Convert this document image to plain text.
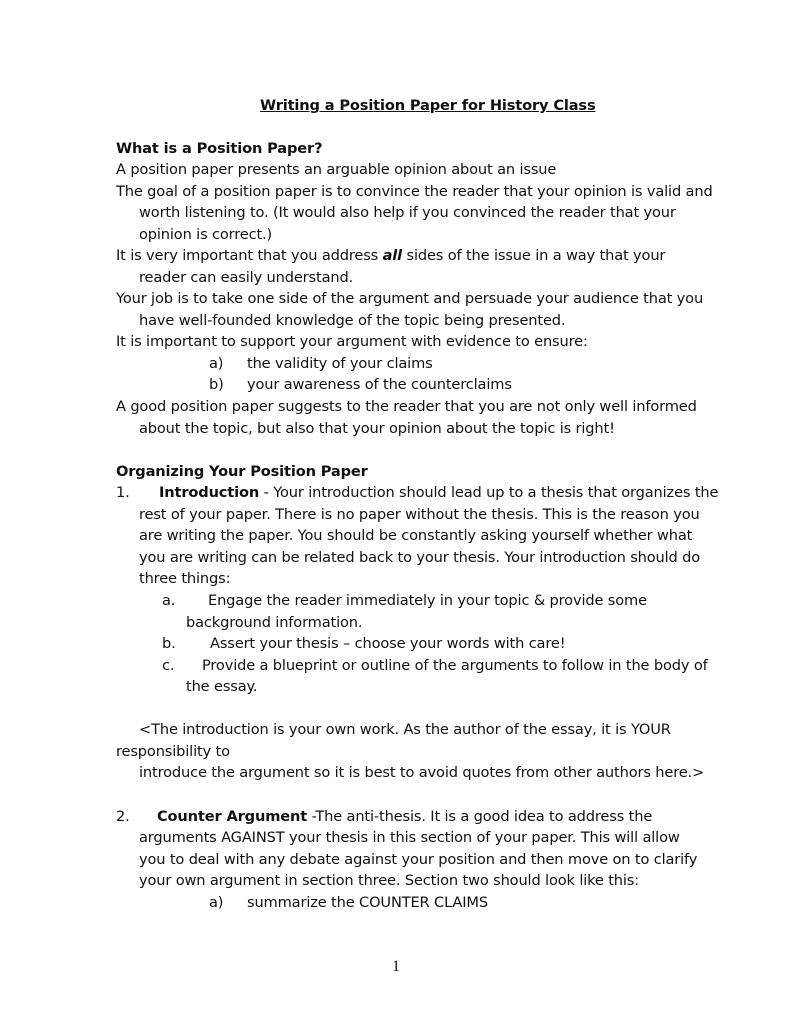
Writing a Position Paper for History Class
What is a Position Paper?
A position paper presents an arguable opinion about an issue
The goal of a position paper is to convince the reader that your opinion is valid and
worth listening to. (It would also help if you convinced the reader that your
opinion is correct.)
It is very important that you address all sides of the issue in a way that your
reader can easily understand.
Your job is to take one side of the argument and persuade your audience that you
have well-founded knowledge of the topic being presented.
It is important to support your argument with evidence to ensure:
a) the validity of your claims
b) your awareness of the counterclaims
A good position paper suggests to the reader that you are not only well informed
about the topic, but also that your opinion about the topic is right!
Organizing Your Position Paper
1. Introduction - Your introduction should lead up to a thesis that organizes the
rest of your paper. There is no paper without the thesis. This is the reason you
are writing the paper. You should be constantly asking yourself whether what
you are writing can be related back to your thesis. Your introduction should do
three things:
a. Engage the reader immediately in your topic & provide some
background information.
b. Assert your thesis – choose your words with care!
c. Provide a blueprint or outline of the arguments to follow in the body of
the essay.
<The introduction is your own work. As the author of the essay, it is YOUR
responsibility to
introduce the argument so it is best to avoid quotes from other authors here.>
2. Counter Argument -The anti-thesis. It is a good idea to address the
arguments AGAINST your thesis in this section of your paper. This will allow
you to deal with any debate against your position and then move on to clarify
your own argument in section three. Section two should look like this:
a) summarize the COUNTER CLAIMS
1
